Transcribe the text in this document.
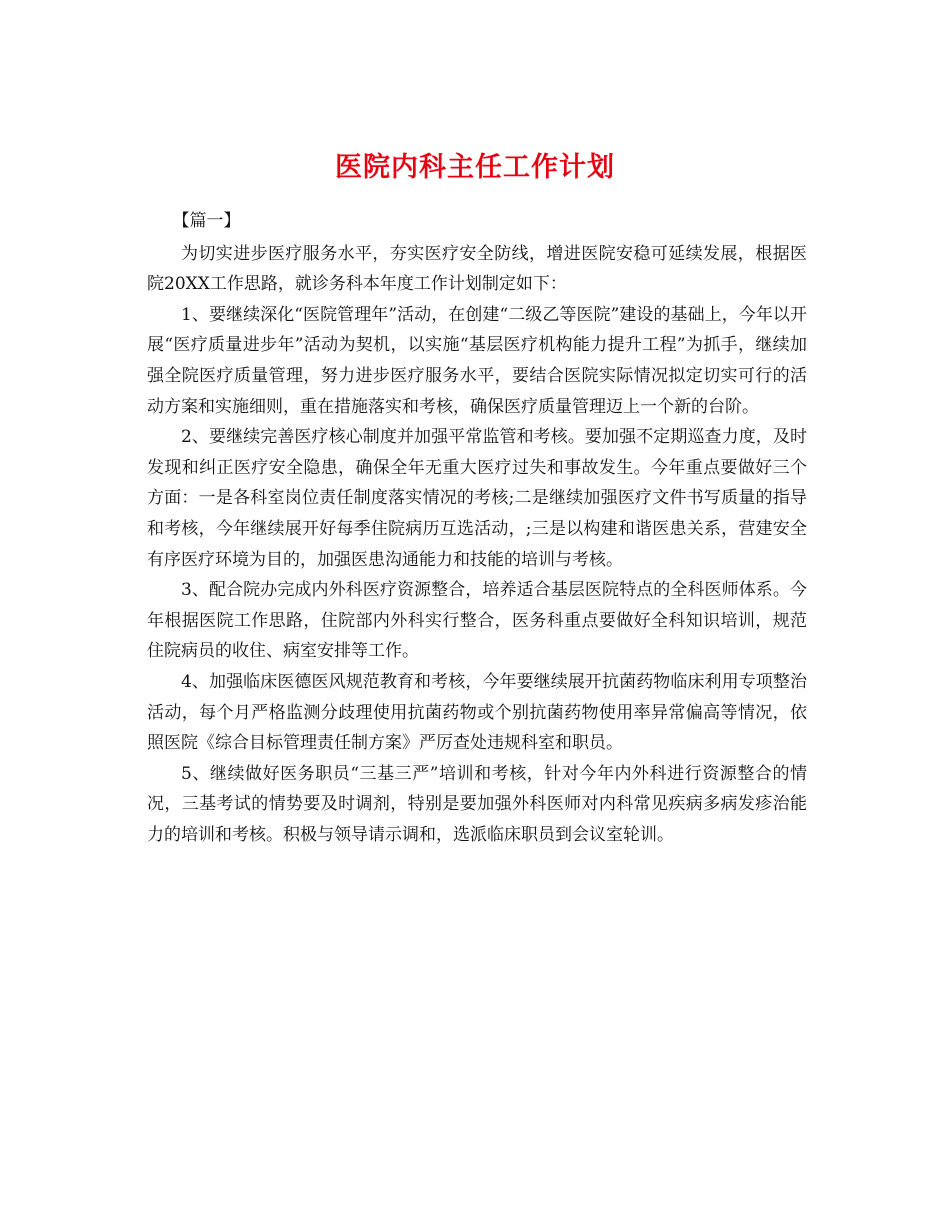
医院内科主任工作计划

【篇一】

为切实进步医疗服务水平，夯实医疗安全防线，增进医院安稳可延续发展，根据医院20XX工作思路，就诊务科本年度工作计划制定如下：

1、要继续深化“医院管理年”活动，在创建“二级乙等医院”建设的基础上，今年以开展“医疗质量进步年”活动为契机，以实施“基层医疗机构能力提升工程”为抓手，继续加强全院医疗质量管理，努力进步医疗服务水平，要结合医院实际情况拟定切实可行的活动方案和实施细则，重在措施落实和考核，确保医疗质量管理迈上一个新的台阶。

2、要继续完善医疗核心制度并加强平常监管和考核。要加强不定期巡查力度，及时发现和纠正医疗安全隐患，确保全年无重大医疗过失和事故发生。今年重点要做好三个方面：一是各科室岗位责任制度落实情况的考核;二是继续加强医疗文件书写质量的指导和考核，今年继续展开好每季住院病历互选活动，;三是以构建和谐医患关系，营建安全有序医疗环境为目的，加强医患沟通能力和技能的培训与考核。

3、配合院办完成内外科医疗资源整合，培养适合基层医院特点的全科医师体系。今年根据医院工作思路，住院部内外科实行整合，医务科重点要做好全科知识培训，规范住院病员的收住、病室安排等工作。

4、加强临床医德医风规范教育和考核，今年要继续展开抗菌药物临床利用专项整治活动，每个月严格监测分歧理使用抗菌药物或个别抗菌药物使用率异常偏高等情况，依照医院《综合目标管理责任制方案》严厉查处违规科室和职员。

5、继续做好医务职员“三基三严”培训和考核，针对今年内外科进行资源整合的情况，三基考试的情势要及时调剂，特别是要加强外科医师对内科常见疾病多病发疹治能力的培训和考核。积极与领导请示调和，选派临床职员到会议室轮训。
